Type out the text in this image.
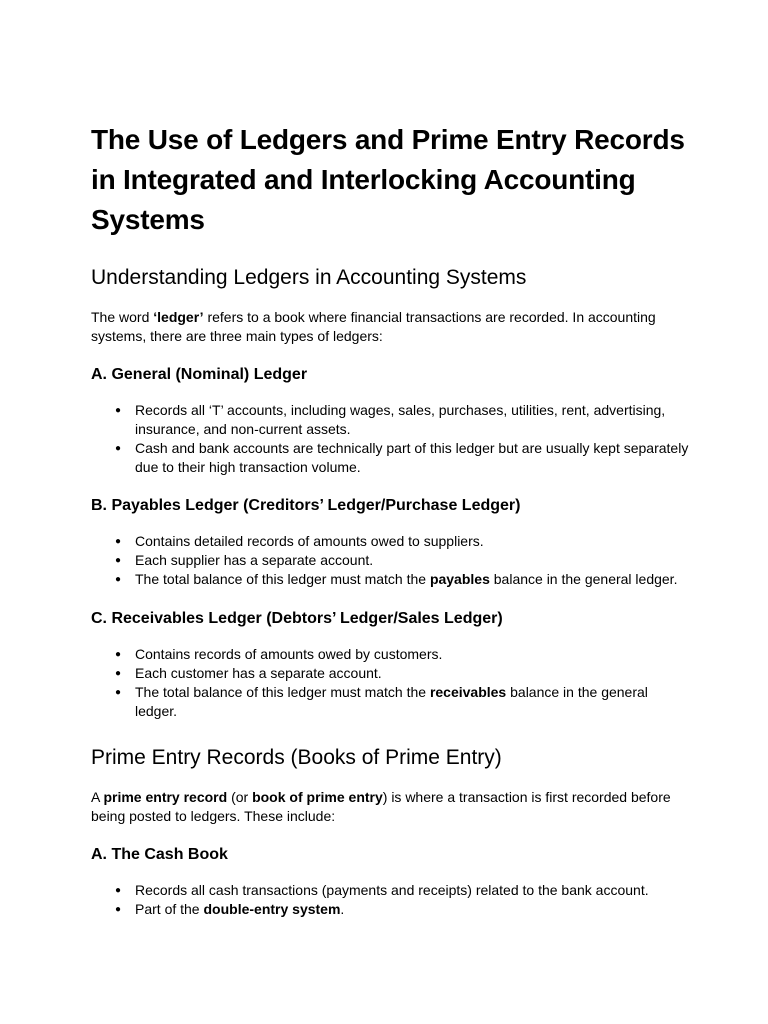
The Use of Ledgers and Prime Entry Records in Integrated and Interlocking Accounting Systems
Understanding Ledgers in Accounting Systems

The word ‘ledger’ refers to a book where financial transactions are recorded. In accounting systems, there are three main types of ledgers:

A. General (Nominal) Ledger
● Records all ‘T’ accounts, including wages, sales, purchases, utilities, rent, advertising, insurance, and non-current assets.
● Cash and bank accounts are technically part of this ledger but are usually kept separately due to their high transaction volume.
B. Payables Ledger (Creditors’ Ledger/Purchase Ledger)
● Contains detailed records of amounts owed to suppliers.
● Each supplier has a separate account.
● The total balance of this ledger must match the payables balance in the general ledger.
C. Receivables Ledger (Debtors’ Ledger/Sales Ledger)
● Contains records of amounts owed by customers.
● Each customer has a separate account.
● The total balance of this ledger must match the receivables balance in the general ledger.
Prime Entry Records (Books of Prime Entry)

A prime entry record (or book of prime entry) is where a transaction is first recorded before being posted to ledgers. These include:

A. The Cash Book
● Records all cash transactions (payments and receipts) related to the bank account.
● Part of the double-entry system.
